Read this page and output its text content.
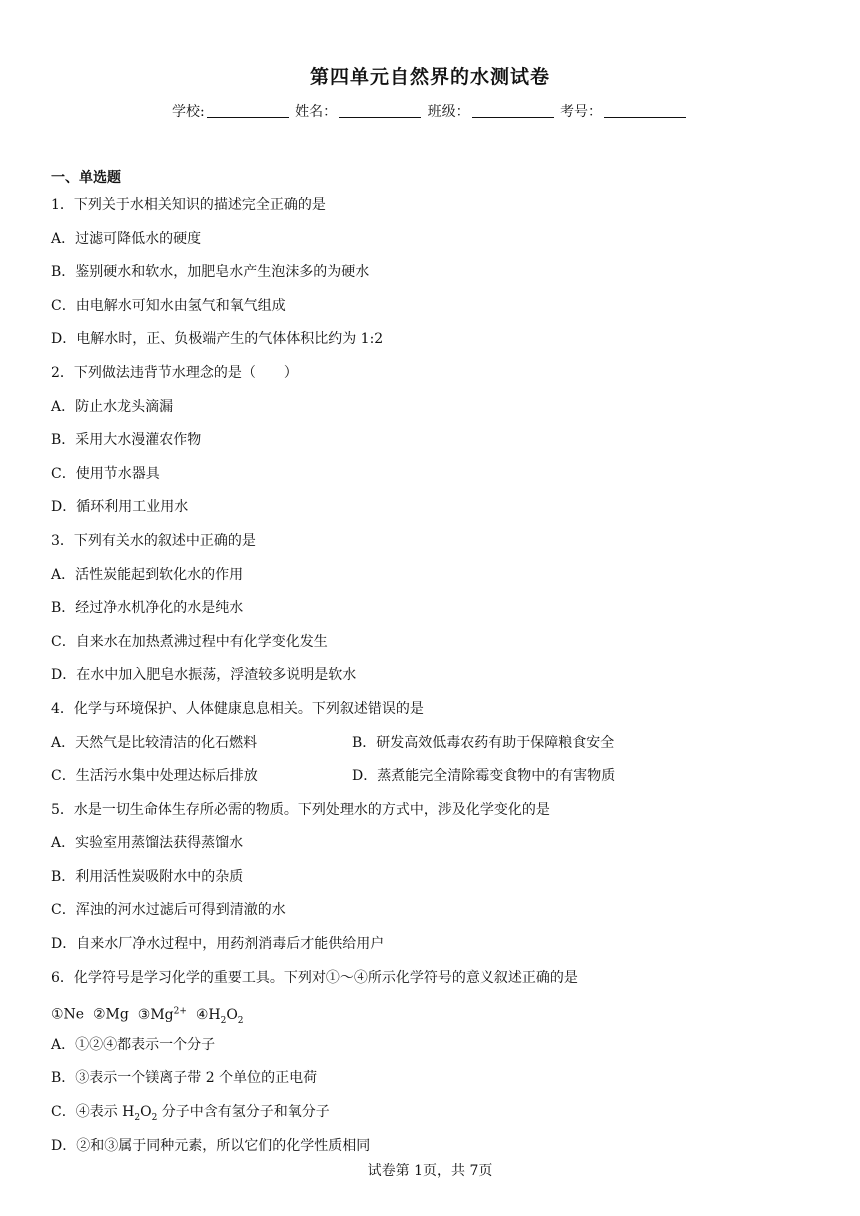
第四单元自然界的水测试卷
学校:	姓名：	班级：	考号：
一、单选题
1．下列关于水相关知识的描述完全正确的是
A．过滤可降低水的硬度
B．鉴别硬水和软水，加肥皂水产生泡沫多的为硬水
C．由电解水可知水由氢气和氧气组成
D．电解水时，正、负极端产生的气体体积比约为 1:2
2．下列做法违背节水理念的是（　　）
A．防止水龙头滴漏
B．采用大水漫灌农作物
C．使用节水器具
D．循环利用工业用水
3．下列有关水的叙述中正确的是
A．活性炭能起到软化水的作用
B．经过净水机净化的水是纯水
C．自来水在加热煮沸过程中有化学变化发生
D．在水中加入肥皂水振荡，浮渣较多说明是软水
4．化学与环境保护、人体健康息息相关。下列叙述错误的是
A．天然气是比较清洁的化石燃料	B．研发高效低毒农药有助于保障粮食安全
C．生活污水集中处理达标后排放	D．蒸煮能完全清除霉变食物中的有害物质
5．水是一切生命体生存所必需的物质。下列处理水的方式中，涉及化学变化的是
A．实验室用蒸馏法获得蒸馏水
B．利用活性炭吸附水中的杂质
C．浑浊的河水过滤后可得到清澈的水
D．自来水厂净水过程中，用药剂消毒后才能供给用户
6．化学符号是学习化学的重要工具。下列对①～④所示化学符号的意义叙述正确的是
①Ne ②Mg $③Mg^{2+}$ $④H_2O_2$
A．①②④都表示一个分子
B．③表示一个镁离子带 2 个单位的正电荷
C．④表示 $H_2O_2$ 分子中含有氢分子和氧分子
D．②和③属于同种元素，所以它们的化学性质相同
试卷第 1页，共 7页
